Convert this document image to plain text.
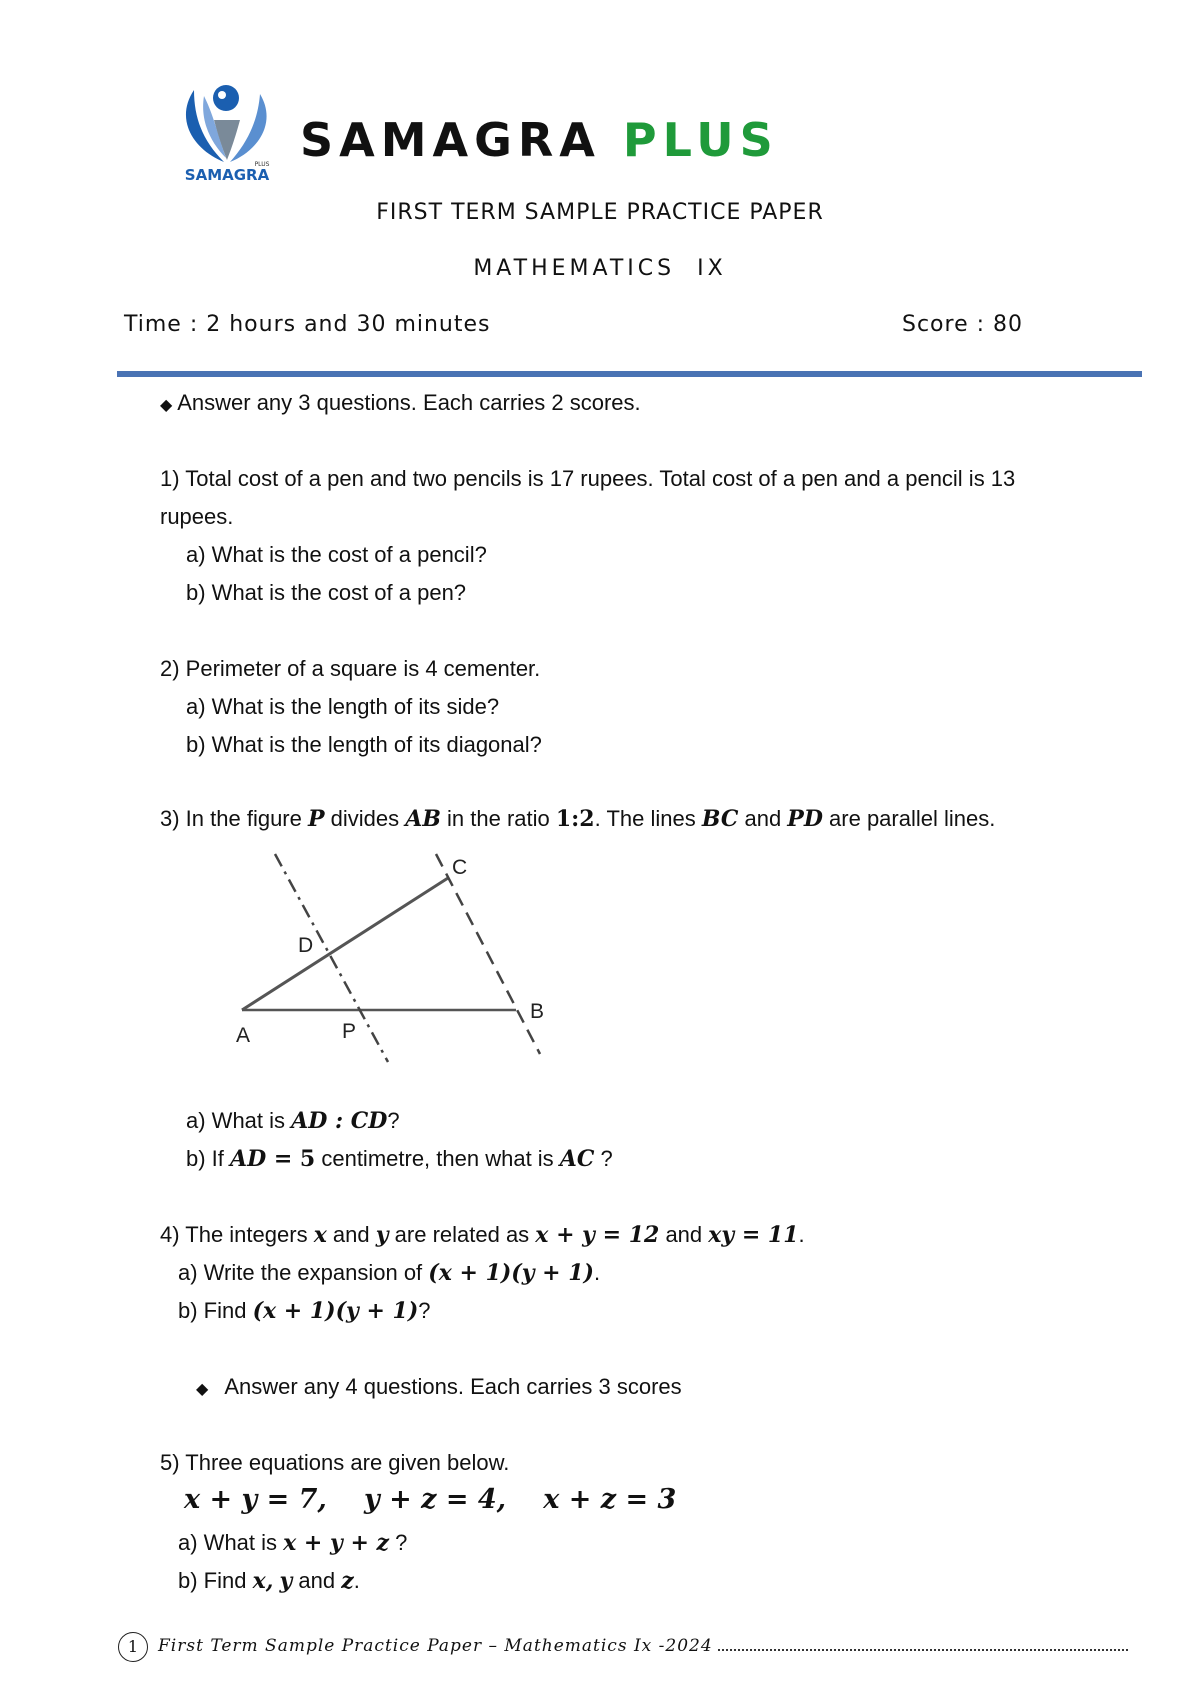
SAMAGRA
PLUS SAMAGRA PLUS
FIRST TERM SAMPLE PRACTICE PAPER
MATHEMATICS  IX
Time : 2 hours and 30 minutes	Score : 80
◆ Answer any 3 questions. Each carries 2 scores.
1) Total cost of a pen and two pencils is 17 rupees. Total cost of a pen and a pencil is 13
rupees.
a) What is the cost of a pencil?
b) What is the cost of a pen?
2) Perimeter of a square is 4 cementer.
a) What is the length of its side?
b) What is the length of its diagonal?
3) In the figure P divides AB in the ratio 1:2. The lines BC and PD are parallel lines.
A	P
B
C
D
a) What is AD : CD?
b) If AD = 5 centimetre, then what is AC ?
4) The integers x and y are related as x + y = 12 and xy = 11.
a) Write the expansion of (x + 1)(y + 1).
b) Find (x + 1)(y + 1)?
◆ Answer any 4 questions. Each carries 3 scores
5) Three equations are given below.
x + y = 7, y + z = 4, x + z = 3
a) What is x + y + z ?
b) Find x, y and z.
1	First Term Sample Practice Paper – Mathematics Ix -2024
